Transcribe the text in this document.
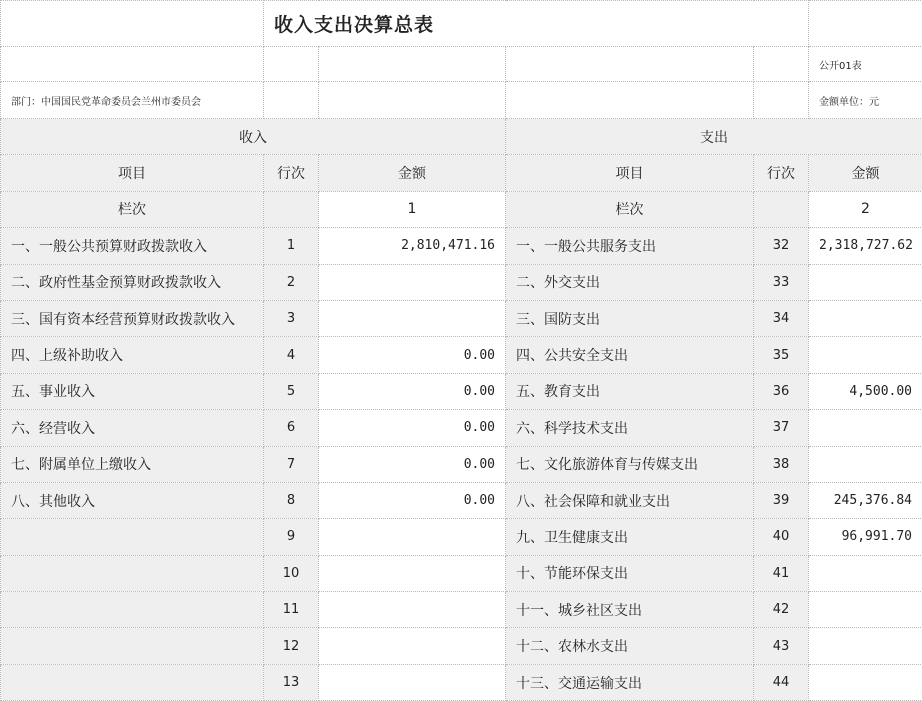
	收入支出决算总表				
					公开01表
部门：中国国民党革命委员会兰州市委员会					金额单位：元
收入			支出		
项目	行次	金额	项目	行次	金额
栏次		1	栏次		2
一、一般公共预算财政拨款收入	1	2,810,471.16	一、一般公共服务支出	32	2,318,727.62
二、政府性基金预算财政拨款收入	2		二、外交支出	33	
三、国有资本经营预算财政拨款收入	3		三、国防支出	34	
四、上级补助收入	4	0.00	四、公共安全支出	35	
五、事业收入	5	0.00	五、教育支出	36	4,500.00
六、经营收入	6	0.00	六、科学技术支出	37	
七、附属单位上缴收入	7	0.00	七、文化旅游体育与传媒支出	38	
八、其他收入	8	0.00	八、社会保障和就业支出	39	245,376.84
	9		九、卫生健康支出	40	96,991.70
	10		十、节能环保支出	41	
	11		十一、城乡社区支出	42	
	12		十二、农林水支出	43	
	13		十三、交通运输支出	44	
